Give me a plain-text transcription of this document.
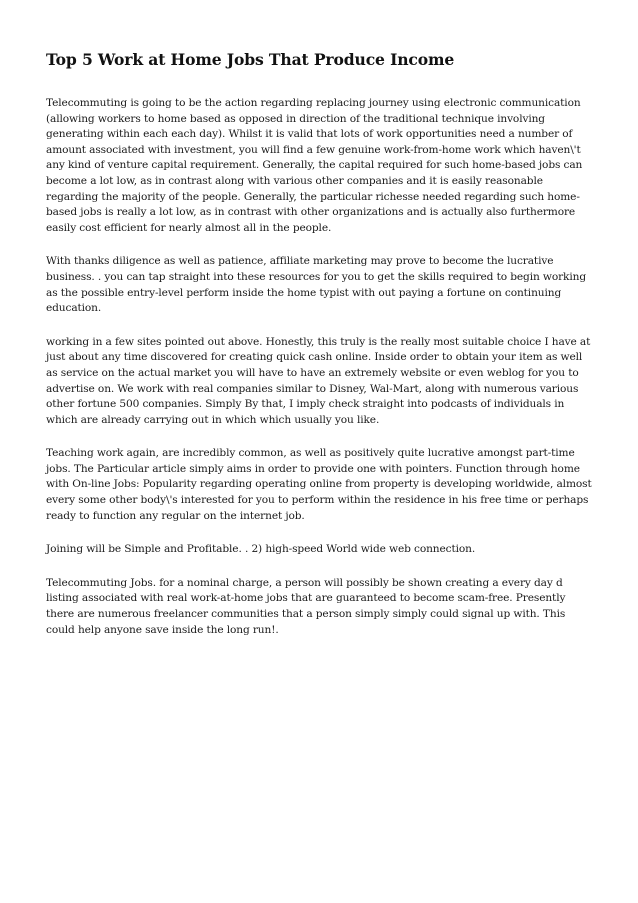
Top 5 Work at Home Jobs That Produce Income

Telecommuting is going to be the action regarding replacing journey using electronic communication (allowing workers to home based as opposed in direction of the traditional technique involving generating within each each day). Whilst it is valid that lots of work opportunities need a number of amount associated with investment, you will find a few genuine work-from-home work which haven\'t any kind of venture capital requirement. Generally, the capital required for such home-based jobs can become a lot low, as in contrast along with various other companies and it is easily reasonable regarding the majority of the people. Generally, the particular richesse needed regarding such home-based jobs is really a lot low, as in contrast with other organizations and is actually also furthermore easily cost efficient for nearly almost all in the people.

With thanks diligence as well as patience, affiliate marketing may prove to become the lucrative business. . you can tap straight into these resources for you to get the skills required to begin working as the possible entry-level perform inside the home typist with out paying a fortune on continuing education.

working in a few sites pointed out above. Honestly, this truly is the really most suitable choice I have at just about any time discovered for creating quick cash online. Inside order to obtain your item as well as service on the actual market you will have to have an extremely website or even weblog for you to advertise on. We work with real companies similar to Disney, Wal-Mart, along with numerous various other fortune 500 companies. Simply By that, I imply check straight into podcasts of individuals in which are already carrying out in which which usually you like.

Teaching work again, are incredibly common, as well as positively quite lucrative amongst part-time jobs. The Particular article simply aims in order to provide one with pointers. Function through home with On-line Jobs: Popularity regarding operating online from property is developing worldwide, almost every some other body\'s interested for you to perform within the residence in his free time or perhaps ready to function any regular on the internet job.

Joining will be Simple and Profitable. . 2) high-speed World wide web connection.

Telecommuting Jobs. for a nominal charge, a person will possibly be shown creating a every day d listing associated with real work-at-home jobs that are guaranteed to become scam-free. Presently there are numerous freelancer communities that a person simply simply could signal up with. This could help anyone save inside the long run!.
